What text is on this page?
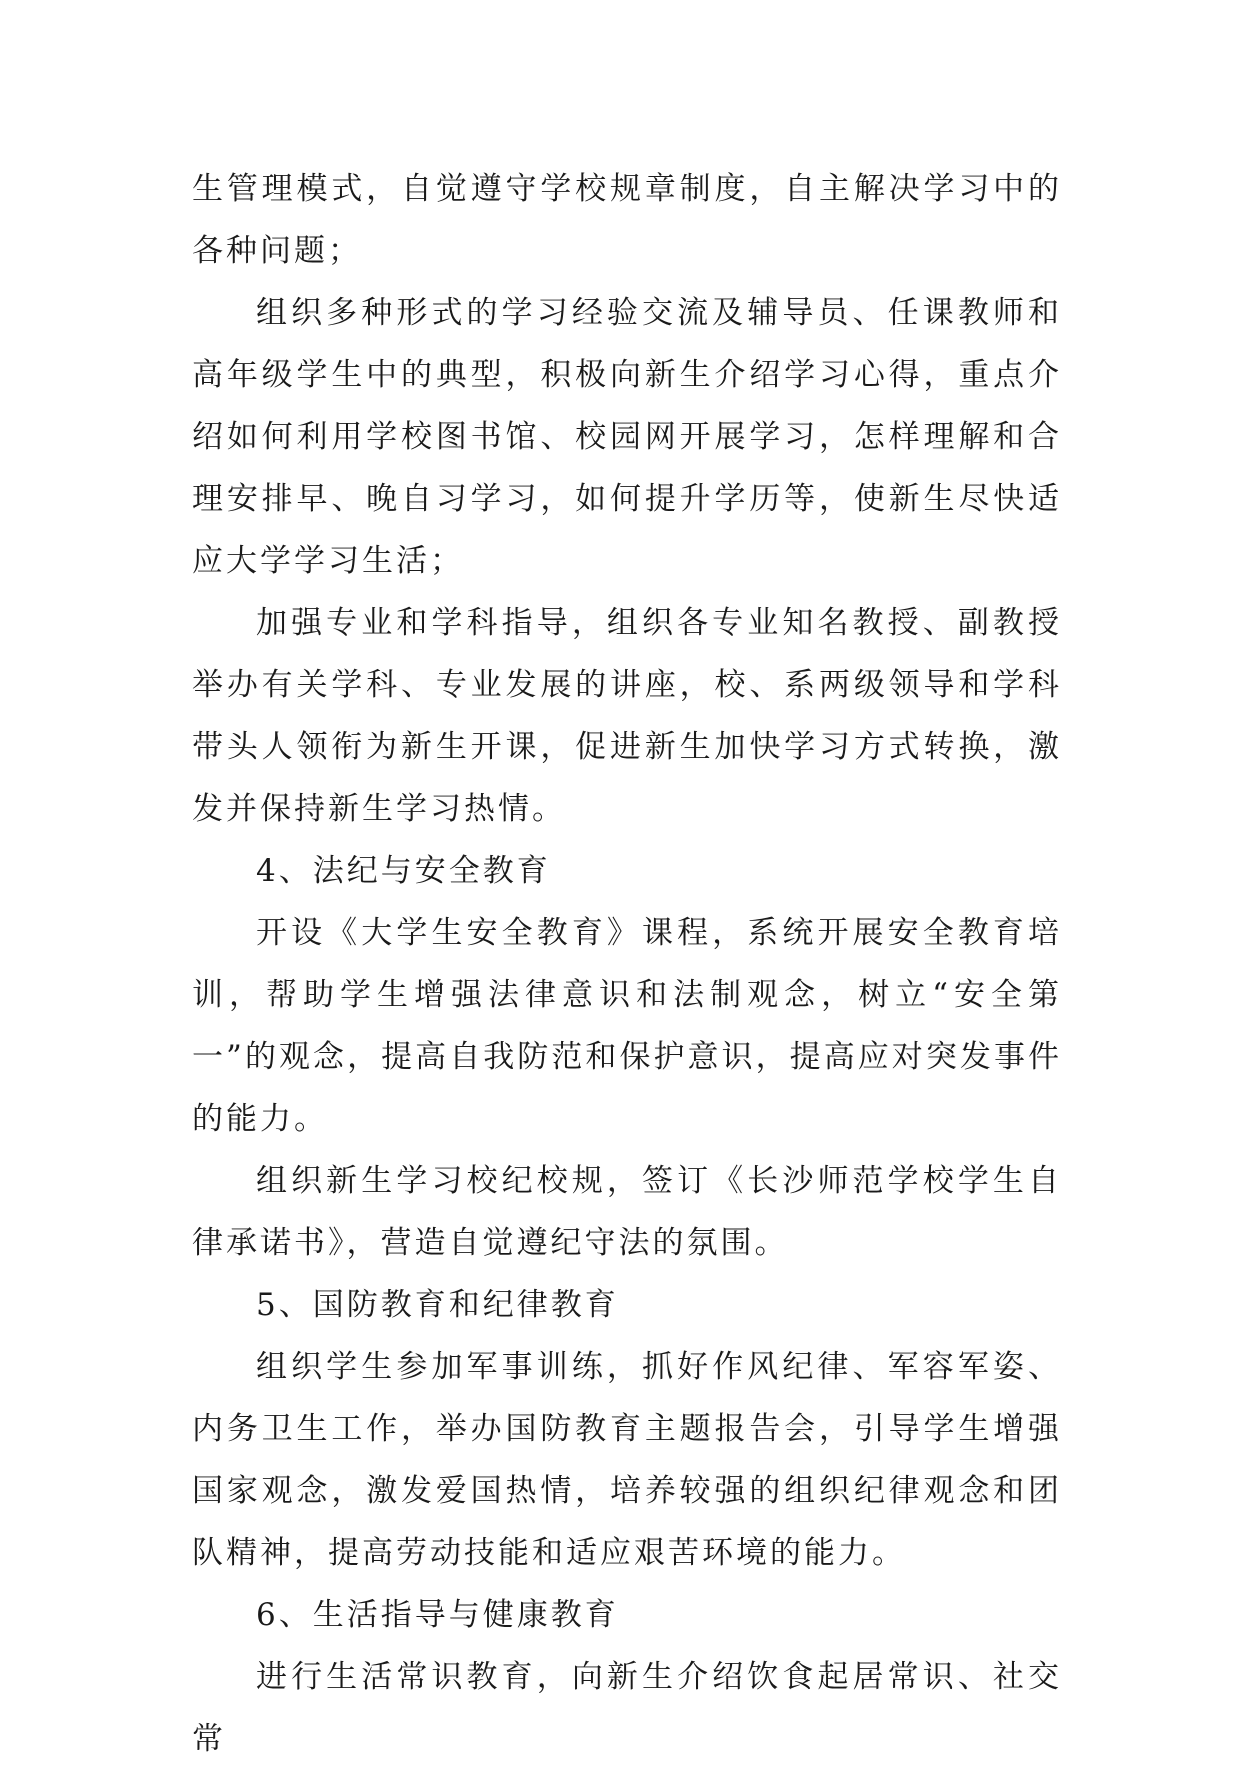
生管理模式，自觉遵守学校规章制度，自主解决学习中的各种问题；

组织多种形式的学习经验交流及辅导员、任课教师和高年级学生中的典型，积极向新生介绍学习心得，重点介绍如何利用学校图书馆、校园网开展学习，怎样理解和合理安排早、晚自习学习，如何提升学历等，使新生尽快适应大学学习生活；

加强专业和学科指导，组织各专业知名教授、副教授举办有关学科、专业发展的讲座，校、系两级领导和学科带头人领衔为新生开课，促进新生加快学习方式转换，激发并保持新生学习热情。

4、法纪与安全教育

开设《大学生安全教育》课程，系统开展安全教育培训，帮助学生增强法律意识和法制观念，树立“安全第一”的观念，提高自我防范和保护意识，提高应对突发事件的能力。

组织新生学习校纪校规，签订《长沙师范学校学生自律承诺书》，营造自觉遵纪守法的氛围。

5、国防教育和纪律教育

组织学生参加军事训练，抓好作风纪律、军容军姿、内务卫生工作，举办国防教育主题报告会，引导学生增强国家观念，激发爱国热情，培养较强的组织纪律观念和团队精神，提高劳动技能和适应艰苦环境的能力。

6、生活指导与健康教育

进行生活常识教育，向新生介绍饮食起居常识、社交常
